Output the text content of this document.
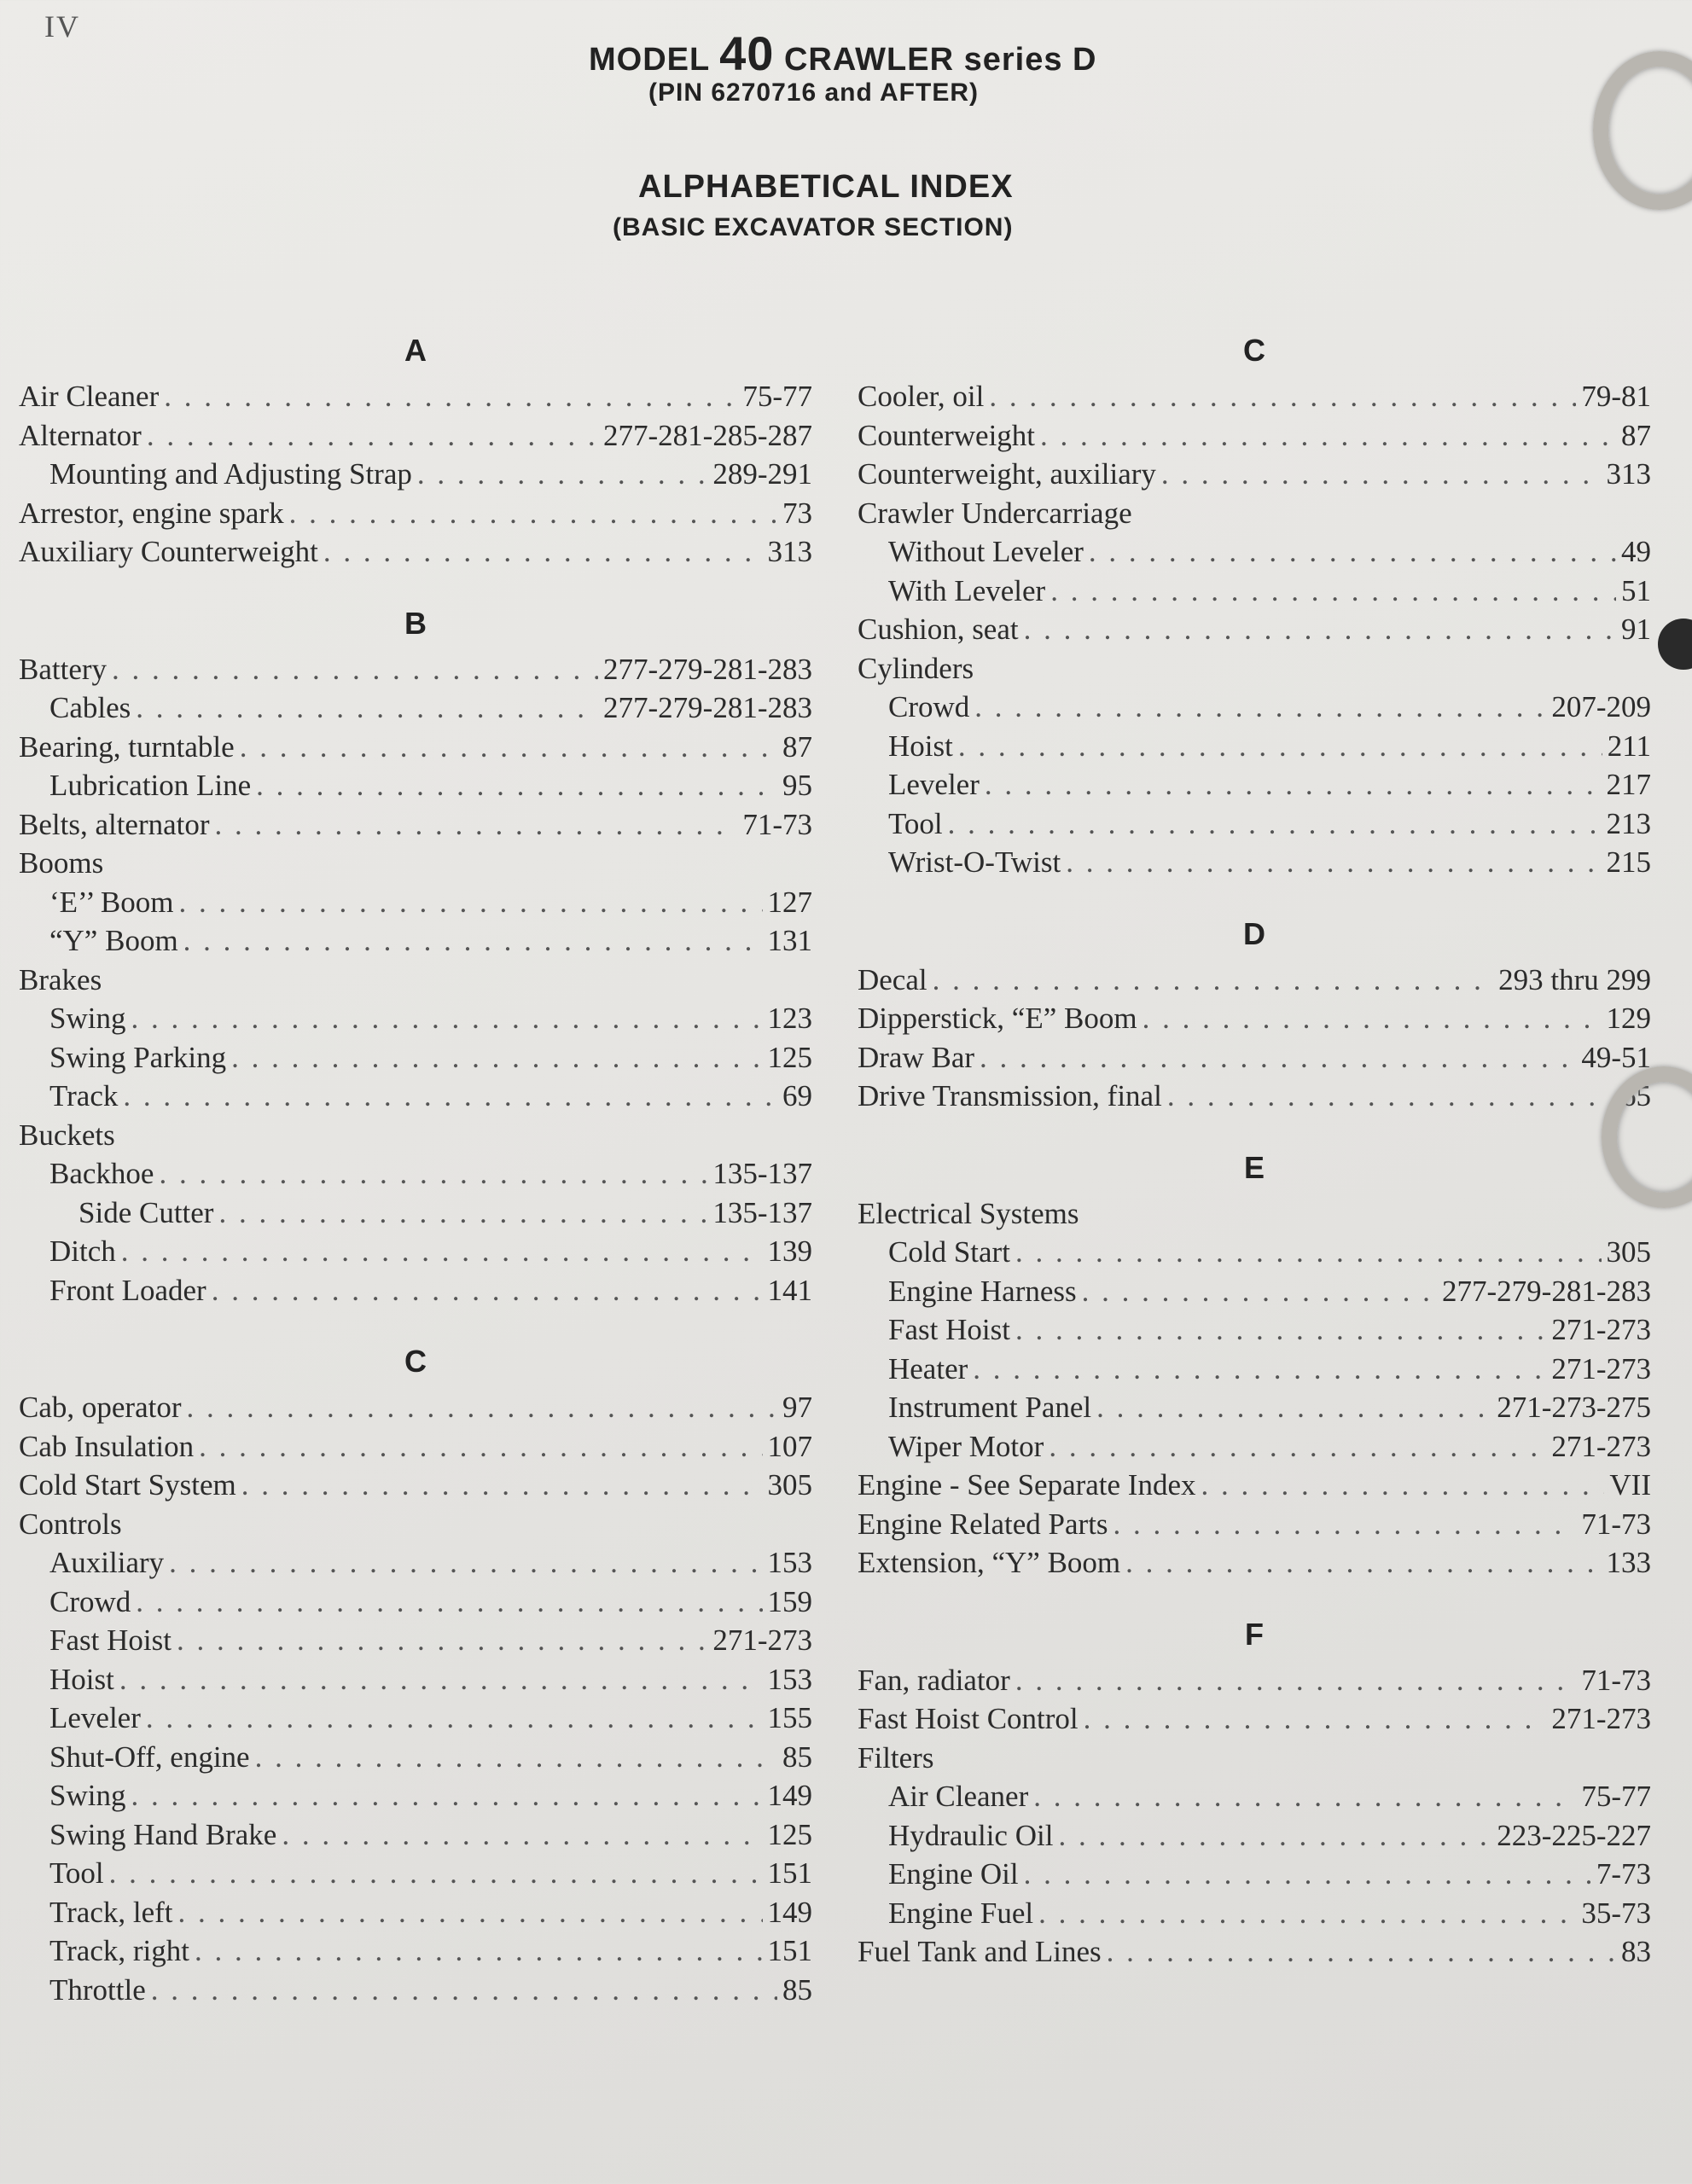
IV
MODEL 40 CRAWLER series D
(PIN 6270716 and AFTER)
ALPHABETICAL INDEX
(BASIC EXCAVATOR SECTION)
A
Air Cleaner . . .	75-77
Alternator . . .	277-281-285-287
Mounting and Adjusting Strap . . .	289-291
Arrestor, engine spark . . .	73
Auxiliary Counterweight . . .	313
B
Battery . . .	277-279-281-283
Cables . . .	277-279-281-283
Bearing, turntable . . .	87
Lubrication Line . . .	95
Belts, alternator . . .	71-73
Booms
‘E’’ Boom . . .	127
“Y” Boom . . .	131
Brakes
Swing . . .	123
Swing Parking . . .	125
Track . . .	69
Buckets
Backhoe . . .	135-137
Side Cutter . . .	135-137
Ditch . . .	139
Front Loader . . .	141
C
Cab, operator . . .	97
Cab Insulation . . .	107
Cold Start System . . .	305
Controls
Auxiliary . . .	153
Crowd . . .	159
Fast Hoist . . .	271-273
Hoist . . .	153
Leveler . . .	155
Shut-Off, engine . . .	85
Swing . . .	149
Swing Hand Brake . . .	125
Tool . . .	151
Track, left . . .	149
Track, right . . .	151
Throttle . . .	85
C
Cooler, oil . . .	79-81
Counterweight . . .	87
Counterweight, auxiliary . . .	313
Crawler Undercarriage
Without Leveler . . .	49
With Leveler . . .	51
Cushion, seat . . .	91
Cylinders
Crowd . . .	207-209
Hoist . . .	211
Leveler . . .	217
Tool . . .	213
Wrist-O-Twist . . .	215
D
Decal . . .	293 thru 299
Dipperstick, “E” Boom . . .	129
Draw Bar . . .	49-51
Drive Transmission, final . . .	65
E
Electrical Systems
Cold Start . . .	305
Engine Harness . . .	277-279-281-283
Fast Hoist . . .	271-273
Heater . . .	271-273
Instrument Panel . . .	271-273-275
Wiper Motor . . .	271-273
Engine - See Separate Index . . .	VII
Engine Related Parts . . .	71-73
Extension, “Y” Boom . . .	133
F
Fan, radiator . . .	71-73
Fast Hoist Control . . .	271-273
Filters
Air Cleaner . . .	75-77
Hydraulic Oil . . .	223-225-227
Engine Oil . . .	7-73
Engine Fuel . . .	35-73
Fuel Tank and Lines . . .	83
